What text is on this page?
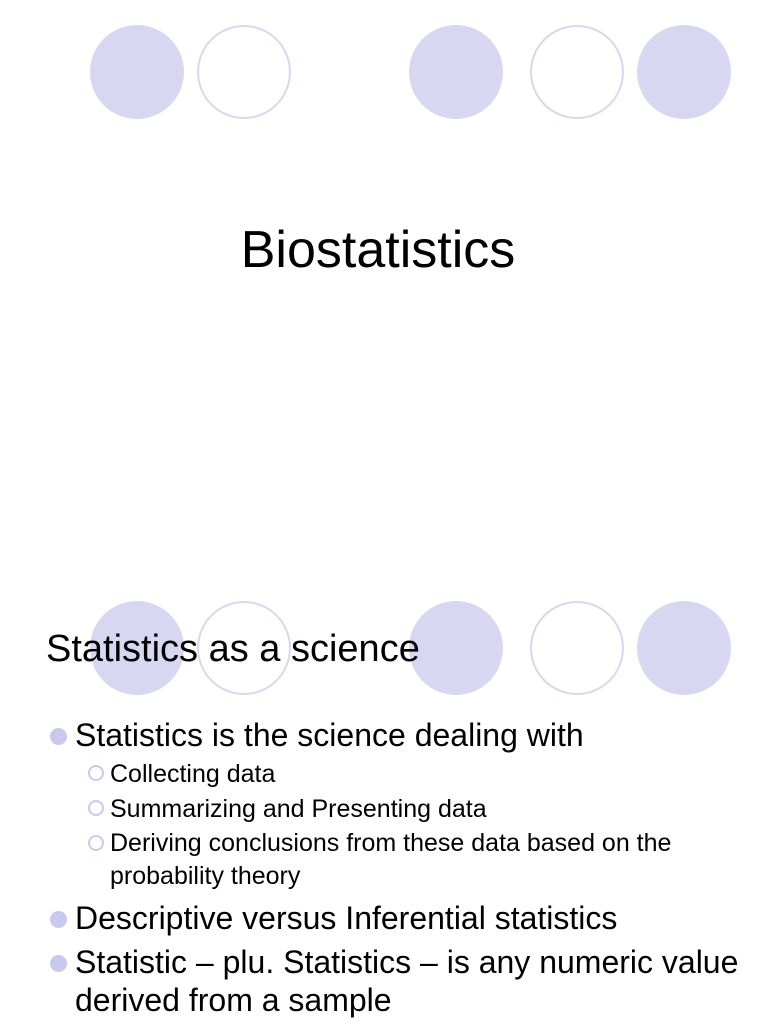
Biostatistics
Statistics as a science
Statistics is the science dealing with
Collecting data
Summarizing and Presenting data
Deriving conclusions from these data based on the probability theory
Descriptive versus Inferential statistics
Statistic – plu. Statistics – is any numeric value derived from a sample
